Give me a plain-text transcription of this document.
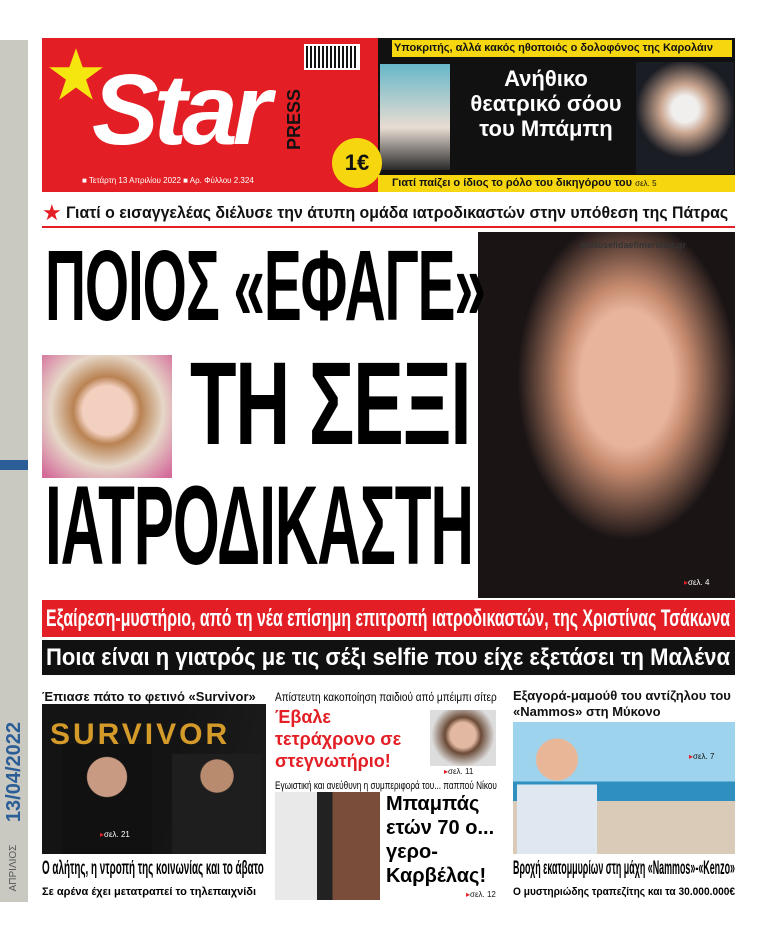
13/04/2022
ΑΠΡΙΛΙΟΣ
Star PRESS
■ Τετάρτη 13 Απριλίου 2022 ■ Αρ. Φύλλου 2.324
Υποκριτής, αλλά κακός ηθοποιός ο δολοφόνος της Καρολάιν
Ανήθικο θεατρικό σόου του Μπάμπη
Γιατί παίζει ο ίδιος το ρόλο του δικηγόρου του σελ. 5
1€
★ Γιατί ο εισαγγελέας διέλυσε την άτυπη ομάδα ιατροδικαστών στην υπόθεση της Πάτρας
▸ σελ. 4
protoselidaefimeridon.gr
ΠΟΙΟΣ «ΕΦΑΓΕ»
ΤΗ ΣΕΞΙ
ΙΑΤΡΟΔΙΚΑΣΤΗ
Εξαίρεση-μυστήριο, από τη νέα επίσημη επιτροπή ιατροδικαστών, της Χριστίνας Τσάκωνα
Ποια είναι η γιατρός με τις σέξι selfie που είχε εξετάσει τη Μαλένα
Έπιασε πάτο το φετινό «Survivor»
SURVIVOR
▸ σελ. 21
Ο αλήτης, η ντροπή της κοινωνίας και το άβατο
Σε αρένα έχει μετατραπεί το τηλεπαιχνίδι
Απίστευτη κακοποίηση παιδιού από μπέιμπι σίτερ
Έβαλε τετράχρονο σε στεγνωτήριο!
▸ σελ. 11
Εγωιστική και ανεύθυνη η συμπεριφορά του... παππού Νίκου
Μπαμπάς ετών 70 ο... γερο-Καρβέλας!
▸ σελ. 12
Εξαγορά-μαμούθ του αντίζηλου του «Nammos» στη Μύκονο
▸ σελ. 7
Βροχή εκατομμυρίων στη μάχη «Nammos»-«Kenzo»
Ο μυστηριώδης τραπεζίτης και τα 30.000.000€
